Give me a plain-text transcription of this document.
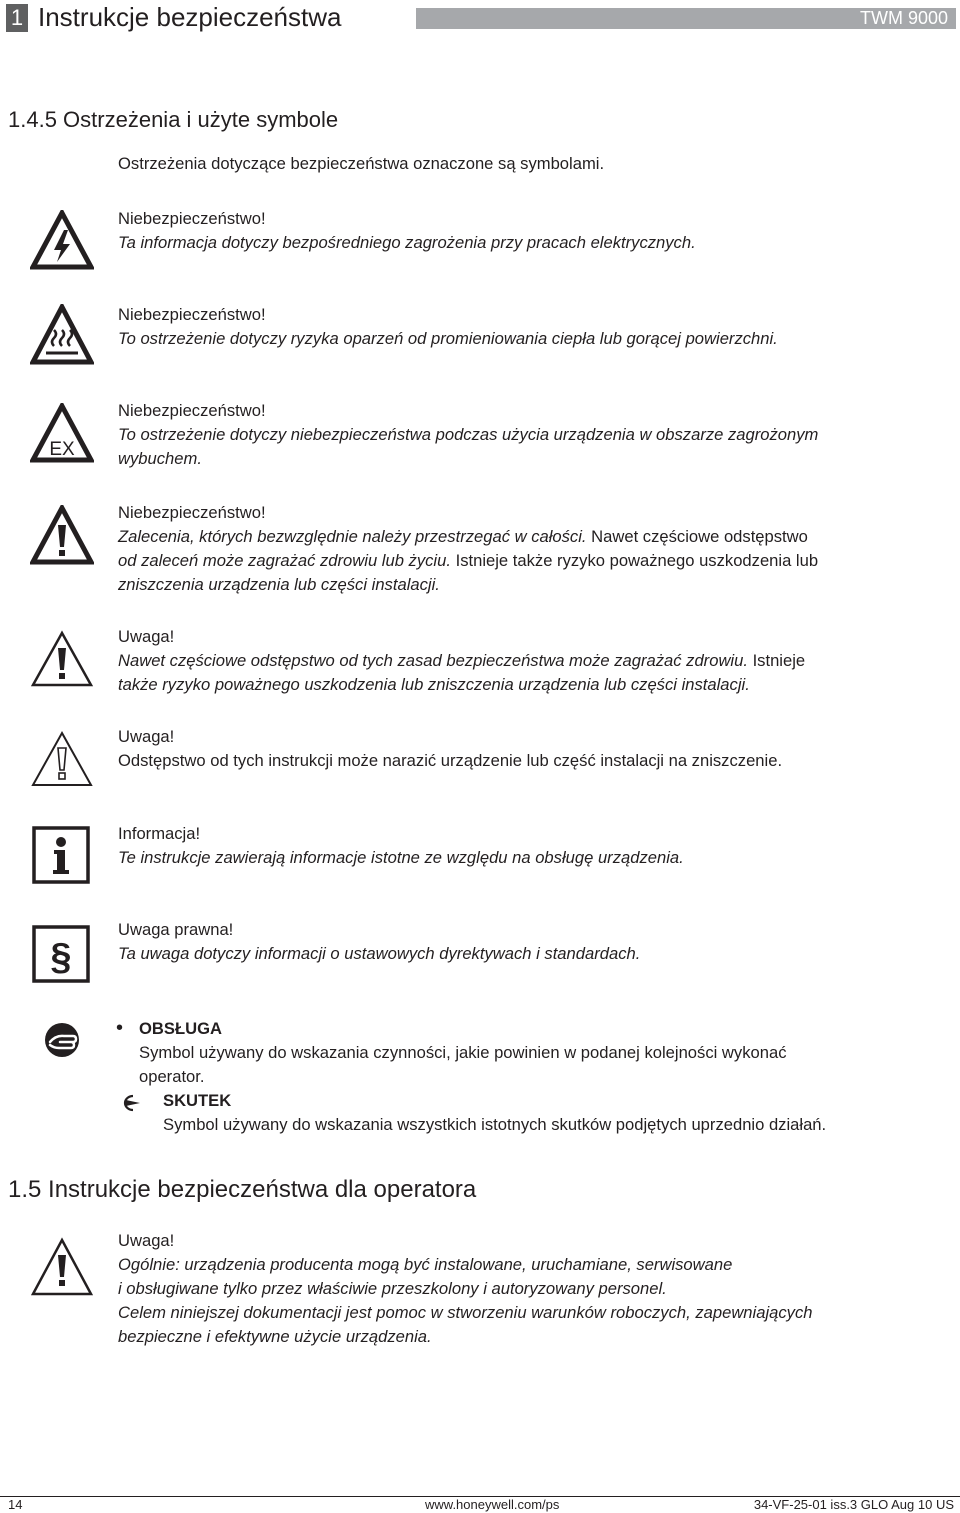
1 Instrukcje bezpieczeństwa	TWM 9000
1.4.5 Ostrzeżenia i użyte symbole
Ostrzeżenia dotyczące bezpieczeństwa oznaczone są symbolami.
Niebezpieczeństwo!
Ta informacja dotyczy bezpośredniego zagrożenia przy pracach elektrycznych.
Niebezpieczeństwo!
To ostrzeżenie dotyczy ryzyka oparzeń od promieniowania ciepła lub gorącej powierzchni.
EX
Niebezpieczeństwo!
To ostrzeżenie dotyczy niebezpieczeństwa podczas użycia urządzenia w obszarze zagrożonym
wybuchem.
Niebezpieczeństwo!
Zalecenia, których bezwzględnie należy przestrzegać w całości. Nawet częściowe odstępstwo
od zaleceń może zagrażać zdrowiu lub życiu. Istnieje także ryzyko poważnego uszkodzenia lub
zniszczenia urządzenia lub części instalacji.
Uwaga!
Nawet częściowe odstępstwo od tych zasad bezpieczeństwa może zagrażać zdrowiu. Istnieje
także ryzyko poważnego uszkodzenia lub zniszczenia urządzenia lub części instalacji.
Uwaga!
Odstępstwo od tych instrukcji może narazić urządzenie lub część instalacji na zniszczenie.
Informacja!
Te instrukcje zawierają informacje istotne ze względu na obsługę urządzenia.
§
Uwaga prawna!
Ta uwaga dotyczy informacji o ustawowych dyrektywach i standardach.
• OBSŁUGA
Symbol używany do wskazania czynności, jakie powinien w podanej kolejności wykonać
operator.
SKUTEK
Symbol używany do wskazania wszystkich istotnych skutków podjętych uprzednio działań.
1.5 Instrukcje bezpieczeństwa dla operatora
Uwaga!
Ogólnie: urządzenia producenta mogą być instalowane, uruchamiane, serwisowane
i obsługiwane tylko przez właściwie przeszkolony i autoryzowany personel.
Celem niniejszej dokumentacji jest pomoc w stworzeniu warunków roboczych, zapewniających
bezpieczne i efektywne użycie urządzenia.
14	www.honeywell.com/ps	34-VF-25-01 iss.3 GLO Aug 10 US
